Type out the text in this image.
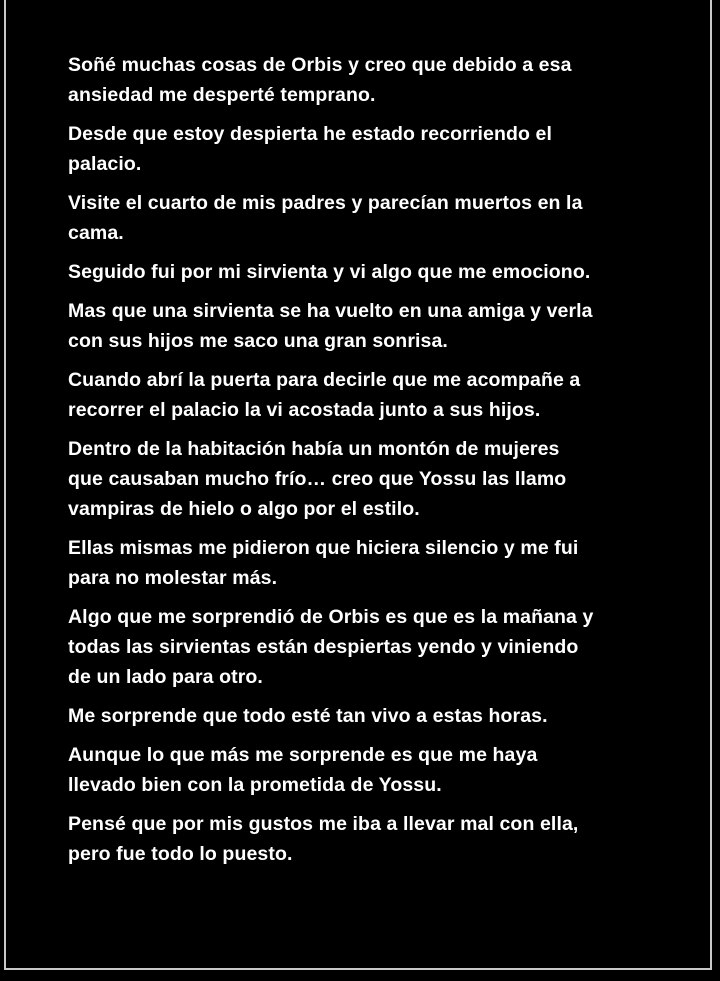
Soñé muchas cosas de Orbis y creo que debido a esa
ansiedad me desperté temprano.

Desde que estoy despierta he estado recorriendo el
palacio.

Visite el cuarto de mis padres y parecían muertos en la
cama.

Seguido fui por mi sirvienta y vi algo que me emociono.

Mas que una sirvienta se ha vuelto en una amiga y verla
con sus hijos me saco una gran sonrisa.

Cuando abrí la puerta para decirle que me acompañe a
recorrer el palacio la vi acostada junto a sus hijos.

Dentro de la habitación había un montón de mujeres
que causaban mucho frío… creo que Yossu las llamo
vampiras de hielo o algo por el estilo.

Ellas mismas me pidieron que hiciera silencio y me fui
para no molestar más.

Algo que me sorprendió de Orbis es que es la mañana y
todas las sirvientas están despiertas yendo y viniendo
de un lado para otro.

Me sorprende que todo esté tan vivo a estas horas.

Aunque lo que más me sorprende es que me haya
llevado bien con la prometida de Yossu.

Pensé que por mis gustos me iba a llevar mal con ella,
pero fue todo lo puesto.
